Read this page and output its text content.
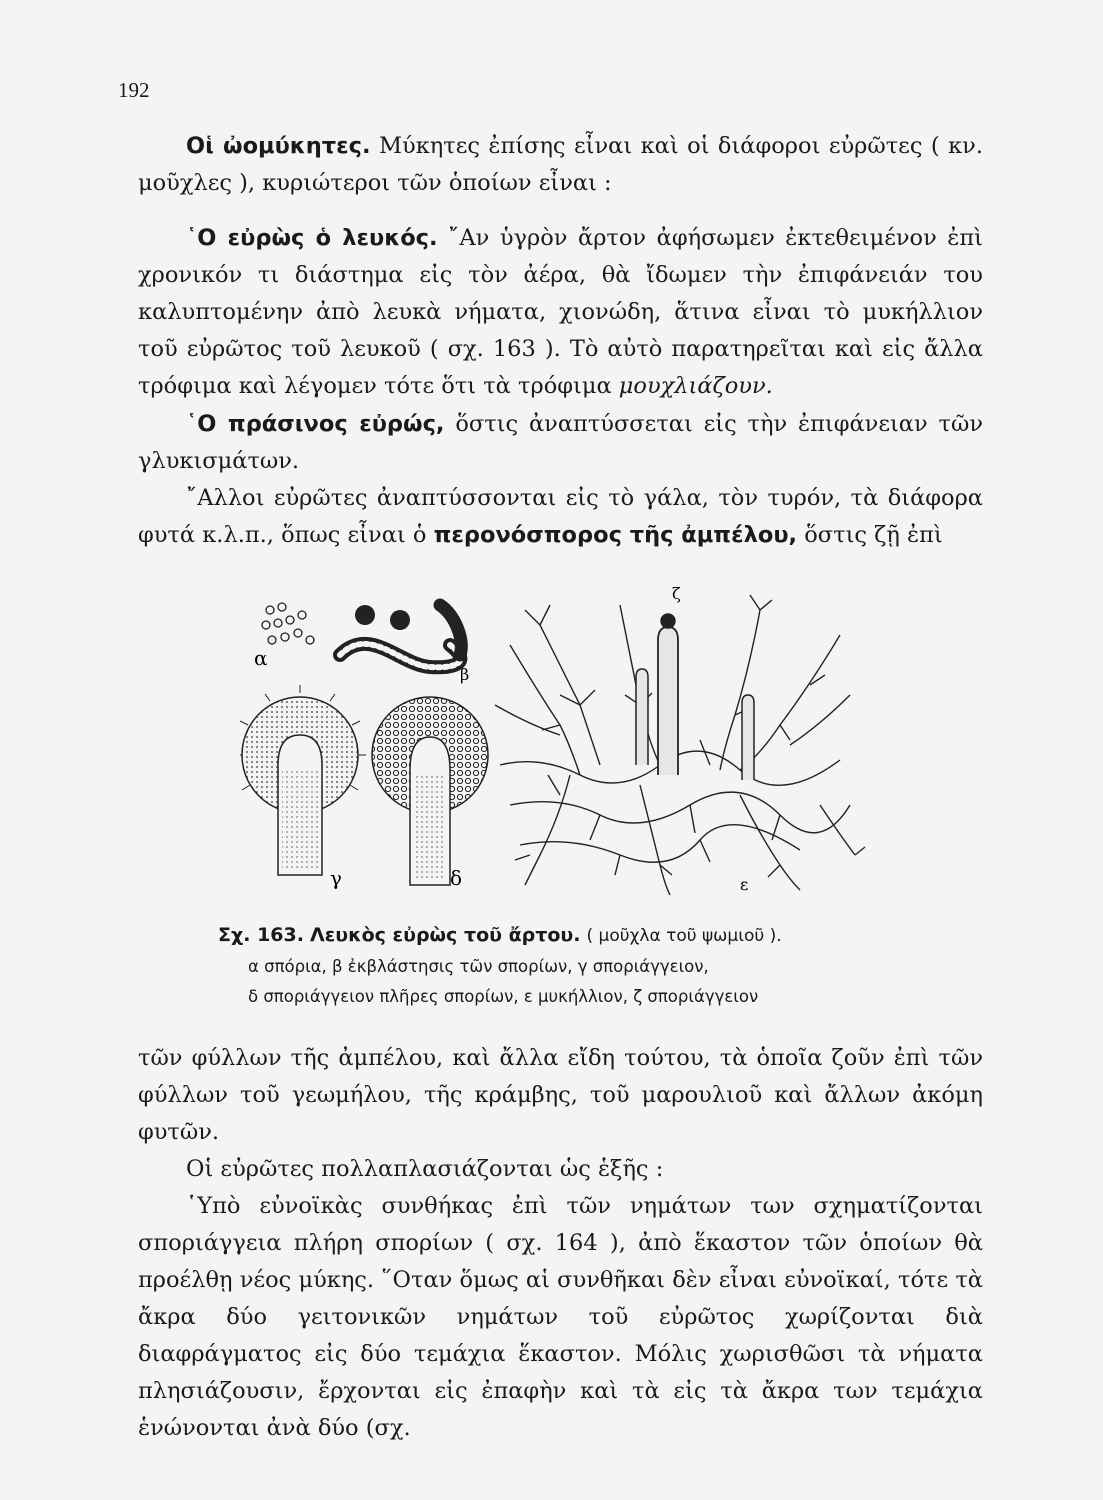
192

Οἱ ὠομύκητες. Μύκητες ἐπίσης εἶναι καὶ οἱ διάφοροι εὐρῶτες ( κν. μοῦχλες ), κυριώτεροι τῶν ὁποίων εἶναι :

῾Ο εὐρὼς ὁ λευκός. ῎Αν ὑγρὸν ἄρτον ἀφήσωμεν ἐκτεθειμένον ἐπὶ χρονικόν τι διάστημα εἰς τὸν ἀέρα, θὰ ἴδωμεν τὴν ἐπιφάνειάν του καλυπτομένην ἀπὸ λευκὰ νήματα, χιονώδη, ἅτινα εἶναι τὸ μυκήλλιον τοῦ εὐρῶτος τοῦ λευκοῦ ( σχ. 163 ). Τὸ αὐτὸ παρατηρεῖται καὶ εἰς ἄλλα τρόφιμα καὶ λέγομεν τότε ὅτι τὰ τρόφιμα μουχλιάζουν.

῾Ο πράσινος εὐρώς, ὅστις ἀναπτύσσεται εἰς τὴν ἐπιφάνειαν τῶν γλυκισμάτων.

῎Αλλοι εὐρῶτες ἀναπτύσσονται εἰς τὸ γάλα, τὸν τυρόν, τὰ διάφορα φυτά κ.λ.π., ὅπως εἶναι ὁ περονόσπορος τῆς ἀμπέλου, ὅστις ζῇ ἐπὶ

α
β
γ	δ	ε
ζ
Σχ. 163. Λευκὸς εὐρὼς τοῦ ἄρτου. ( μοῦχλα τοῦ ψωμιοῦ ).
α σπόρια, β ἐκβλάστησις τῶν σπορίων, γ σποριάγγειον,
δ σποριάγγειον πλῆρες σπορίων, ε μυκήλλιον, ζ σποριάγγειον

τῶν φύλλων τῆς ἀμπέλου, καὶ ἄλλα εἴδη τούτου, τὰ ὁποῖα ζοῦν ἐπὶ τῶν φύλλων τοῦ γεωμήλου, τῆς κράμβης, τοῦ μαρουλιοῦ καὶ ἄλλων ἀκόμη φυτῶν.

Οἱ εὐρῶτες πολλαπλασιάζονται ὡς ἑξῆς :

῾Υπὸ εὐνοϊκὰς συνθήκας ἐπὶ τῶν νημάτων των σχηματίζονται σποριάγγεια πλήρη σπορίων ( σχ. 164 ), ἀπὸ ἕκαστον τῶν ὁποίων θὰ προέλθῃ νέος μύκης. ῞Οταν ὅμως αἱ συνθῆκαι δὲν εἶναι εὐνοϊκαί, τότε τὰ ἄκρα δύο γειτονικῶν νημάτων τοῦ εὐρῶτος χωρίζονται διὰ διαφράγματος εἰς δύο τεμάχια ἕκαστον. Μόλις χωρισθῶσι τὰ νήματα πλησιάζουσιν, ἔρχονται εἰς ἐπαφὴν καὶ τὰ εἰς τὰ ἄκρα των τεμάχια ἑνώνονται ἀνὰ δύο (σχ.
